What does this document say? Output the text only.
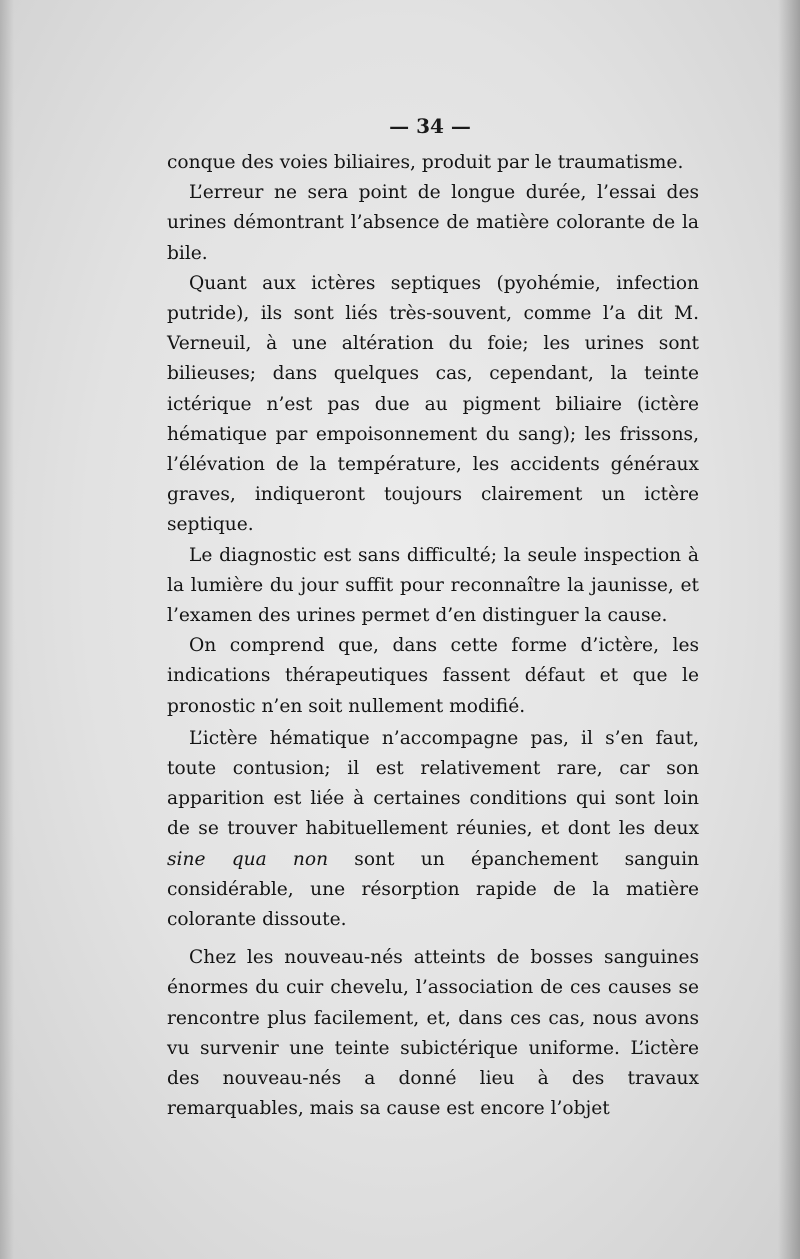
— 34 —

conque des voies biliaires, produit par le traumatisme.

L’erreur ne sera point de longue durée, l’essai des urines démontrant l’absence de matière colorante de la bile.

Quant aux ictères septiques (pyohémie, infection putride), ils sont liés très-souvent, comme l’a dit M. Verneuil, à une altération du foie; les urines sont bilieuses; dans quelques cas, cependant, la teinte ictérique n’est pas due au pigment biliaire (ictère hématique par empoisonnement du sang); les frissons, l’élévation de la température, les accidents généraux graves, indiqueront toujours clairement un ictère septique.

Le diagnostic est sans difficulté; la seule inspection à la lumière du jour suffit pour reconnaître la jaunisse, et l’examen des urines permet d’en distinguer la cause.

On comprend que, dans cette forme d’ictère, les indications thérapeutiques fassent défaut et que le pronostic n’en soit nullement modifié.

L’ictère hématique n’accompagne pas, il s’en faut, toute contusion; il est relativement rare, car son apparition est liée à certaines conditions qui sont loin de se trouver habituellement réunies, et dont les deux sine qua non sont un épanchement sanguin considérable, une résorption rapide de la matière colorante dissoute.

Chez les nouveau-nés atteints de bosses sanguines énormes du cuir chevelu, l’association de ces causes se rencontre plus facilement, et, dans ces cas, nous avons vu survenir une teinte subictérique uniforme. L’ictère des nouveau-nés a donné lieu à des travaux remarquables, mais sa cause est encore l’objet
